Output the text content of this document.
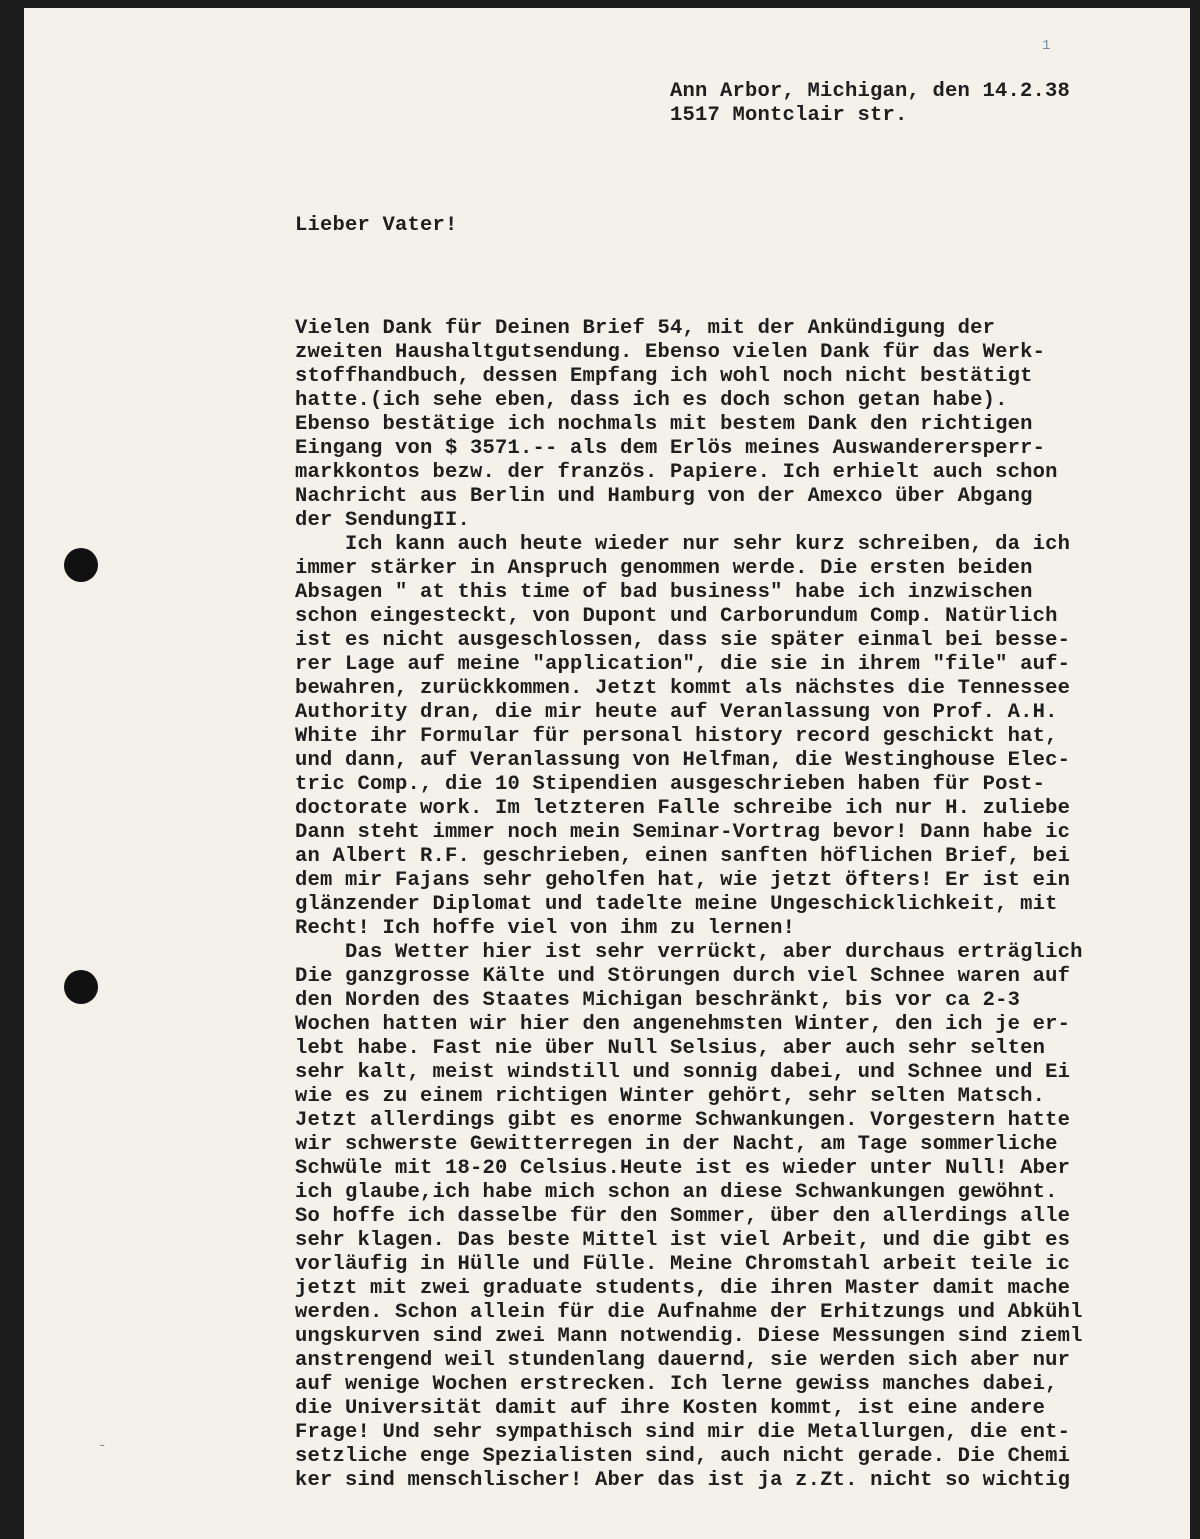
1
-
Ann Arbor, Michigan, den 14.2.38
1517 Montclair str.
Lieber Vater!
Vielen Dank für Deinen Brief 54, mit der Ankündigung der
zweiten Haushaltgutsendung. Ebenso vielen Dank für das Werk-
stoffhandbuch, dessen Empfang ich wohl noch nicht bestätigt
hatte.(ich sehe eben, dass ich es doch schon getan habe).
Ebenso bestätige ich nochmals mit bestem Dank den richtigen
Eingang von $ 3571.-- als dem Erlös meines Auswanderersperr-
markkontos bezw. der französ. Papiere. Ich erhielt auch schon
Nachricht aus Berlin und Hamburg von der Amexco über Abgang
der SendungII.
Ich kann auch heute wieder nur sehr kurz schreiben, da ich
immer stärker in Anspruch genommen werde. Die ersten beiden
Absagen " at this time of bad business" habe ich inzwischen
schon eingesteckt, von Dupont und Carborundum Comp. Natürlich
ist es nicht ausgeschlossen, dass sie später einmal bei besse-
rer Lage auf meine "application", die sie in ihrem "file" auf-
bewahren, zurückkommen. Jetzt kommt als nächstes die Tennessee
Authority dran, die mir heute auf Veranlassung von Prof. A.H.
White ihr Formular für personal history record geschickt hat,
und dann, auf Veranlassung von Helfman, die Westinghouse Elec-
tric Comp., die 10 Stipendien ausgeschrieben haben für Post-
doctorate work. Im letzteren Falle schreibe ich nur H. zuliebe
Dann steht immer noch mein Seminar-Vortrag bevor! Dann habe ic
an Albert R.F. geschrieben, einen sanften höflichen Brief, bei
dem mir Fajans sehr geholfen hat, wie jetzt öfters! Er ist ein
glänzender Diplomat und tadelte meine Ungeschicklichkeit, mit
Recht! Ich hoffe viel von ihm zu lernen!
Das Wetter hier ist sehr verrückt, aber durchaus erträglich
Die ganzgrosse Kälte und Störungen durch viel Schnee waren auf
den Norden des Staates Michigan beschränkt, bis vor ca 2-3
Wochen hatten wir hier den angenehmsten Winter, den ich je er-
lebt habe. Fast nie über Null Selsius, aber auch sehr selten
sehr kalt, meist windstill und sonnig dabei, und Schnee und Ei
wie es zu einem richtigen Winter gehört, sehr selten Matsch.
Jetzt allerdings gibt es enorme Schwankungen. Vorgestern hatte
wir schwerste Gewitterregen in der Nacht, am Tage sommerliche
Schwüle mit 18-20 Celsius.Heute ist es wieder unter Null! Aber
ich glaube,ich habe mich schon an diese Schwankungen gewöhnt.
So hoffe ich dasselbe für den Sommer, über den allerdings alle
sehr klagen. Das beste Mittel ist viel Arbeit, und die gibt es
vorläufig in Hülle und Fülle. Meine Chromstahl arbeit teile ic
jetzt mit zwei graduate students, die ihren Master damit mache
werden. Schon allein für die Aufnahme der Erhitzungs und Abkühl
ungskurven sind zwei Mann notwendig. Diese Messungen sind zieml
anstrengend weil stundenlang dauernd, sie werden sich aber nur
auf wenige Wochen erstrecken. Ich lerne gewiss manches dabei,
die Universität damit auf ihre Kosten kommt, ist eine andere
Frage! Und sehr sympathisch sind mir die Metallurgen, die ent-
setzliche enge Spezialisten sind, auch nicht gerade. Die Chemi
ker sind menschlischer! Aber das ist ja z.Zt. nicht so wichtig
